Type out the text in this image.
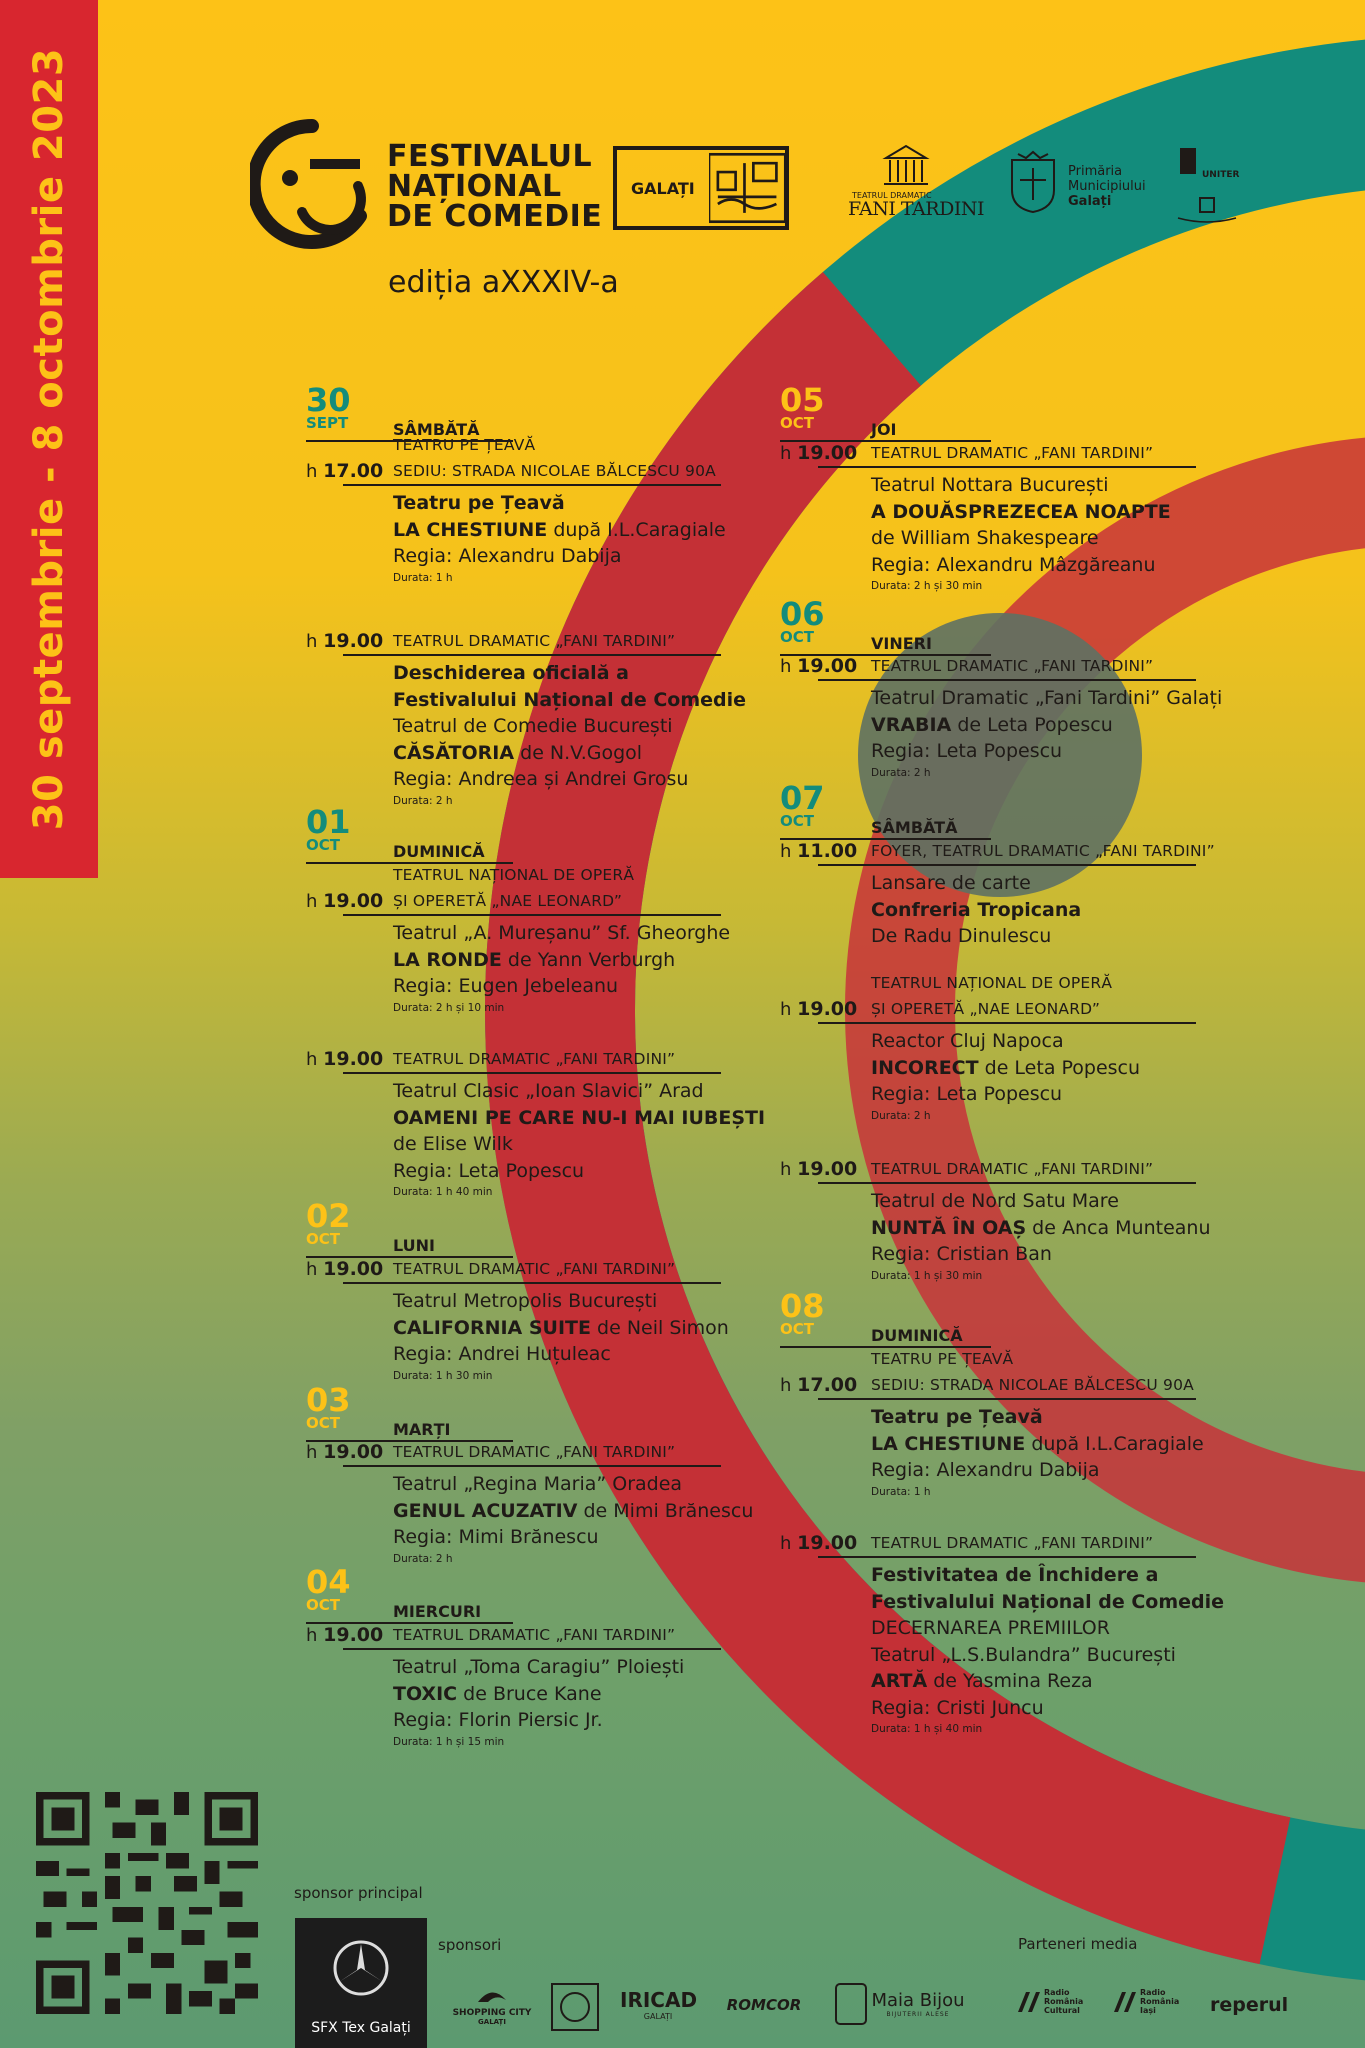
30 septembrie - 8 octombrie 2023	FESTIVALUL
NAȚIONAL
DE COMEDIE
GALAȚI
ediția aXXXIV-a
TEATRUL DRAMATIC
FANI TARDINI
Primăria
Municipiului
Galați
UNITER
30
SEPT	SÂMBĂTĂ
01
OCT	DUMINICĂ
02
OCT	LUNI
03
OCT	MARȚI
04
OCT	MIERCURI
05
OCT	JOI
06
OCT	VINERI
07
OCT	SÂMBĂTĂ
08
OCT	DUMINICĂ
TEATRU PE ȚEAVĂ
SEDIU: STRADA NICOLAE BĂLCESCU 90A
h 17.00
Teatru pe Țeavă
LA CHESTIUNE după I.L.Caragiale
Regia: Alexandru Dabija
Durata: 1 h
TEATRUL DRAMATIC „FANI TARDINI”
h 19.00
Deschiderea oficială a
Festivalului Național de Comedie
Teatrul de Comedie București
CĂSĂTORIA de N.V.Gogol
Regia: Andreea și Andrei Grosu
Durata: 2 h
TEATRUL NAȚIONAL DE OPERĂ
ȘI OPERETĂ „NAE LEONARD”
h 19.00
Teatrul „A. Mureșanu” Sf. Gheorghe
LA RONDE de Yann Verburgh
Regia: Eugen Jebeleanu
Durata: 2 h și 10 min
TEATRUL DRAMATIC „FANI TARDINI”
h 19.00
Teatrul Clasic „Ioan Slavici” Arad
OAMENI PE CARE NU-I MAI IUBEȘTI
de Elise Wilk
Regia: Leta Popescu
Durata: 1 h 40 min
TEATRUL DRAMATIC „FANI TARDINI”
h 19.00
Teatrul Metropolis București
CALIFORNIA SUITE de Neil Simon
Regia: Andrei Huțuleac
Durata: 1 h 30 min
TEATRUL DRAMATIC „FANI TARDINI”
h 19.00
Teatrul „Regina Maria” Oradea
GENUL ACUZATIV de Mimi Brănescu
Regia: Mimi Brănescu
Durata: 2 h
TEATRUL DRAMATIC „FANI TARDINI”
h 19.00
Teatrul „Toma Caragiu” Ploiești
TOXIC de Bruce Kane
Regia: Florin Piersic Jr.
Durata: 1 h și 15 min
TEATRUL DRAMATIC „FANI TARDINI”
h 19.00
Teatrul Nottara București
A DOUĂSPREZECEA NOAPTE
de William Shakespeare
Regia: Alexandru Mâzgăreanu
Durata: 2 h și 30 min
TEATRUL DRAMATIC „FANI TARDINI”
h 19.00
Teatrul Dramatic „Fani Tardini” Galați
VRABIA de Leta Popescu
Regia: Leta Popescu
Durata: 2 h
FOYER, TEATRUL DRAMATIC „FANI TARDINI”
h 11.00
Lansare de carte
Confreria Tropicana
De Radu Dinulescu
TEATRUL NAȚIONAL DE OPERĂ
ȘI OPERETĂ „NAE LEONARD”
h 19.00
Reactor Cluj Napoca
INCORECT de Leta Popescu
Regia: Leta Popescu
Durata: 2 h
TEATRUL DRAMATIC „FANI TARDINI”
h 19.00
Teatrul de Nord Satu Mare
NUNTĂ ÎN OAȘ de Anca Munteanu
Regia: Cristian Ban
Durata: 1 h și 30 min
TEATRU PE ȚEAVĂ
SEDIU: STRADA NICOLAE BĂLCESCU 90A
h 17.00
Teatru pe Țeavă
LA CHESTIUNE după I.L.Caragiale
Regia: Alexandru Dabija
Durata: 1 h
TEATRUL DRAMATIC „FANI TARDINI”
h 19.00
Festivitatea de Închidere a
Festivalului Național de Comedie
DECERNAREA PREMIILOR
Teatrul „L.S.Bulandra” București
ARTĂ de Yasmina Reza
Regia: Cristi Juncu
Durata: 1 h și 40 min
sponsor principal
SFX Tex Galați
sponsori
SHOPPING CITY
GALAȚI
IRICAD
GALAȚI
ROMCOR	Maia Bijou
BIJUTERII ALESE
Parteneri media
Radio
România
Cultural
Radio
România
Iași	reperul
